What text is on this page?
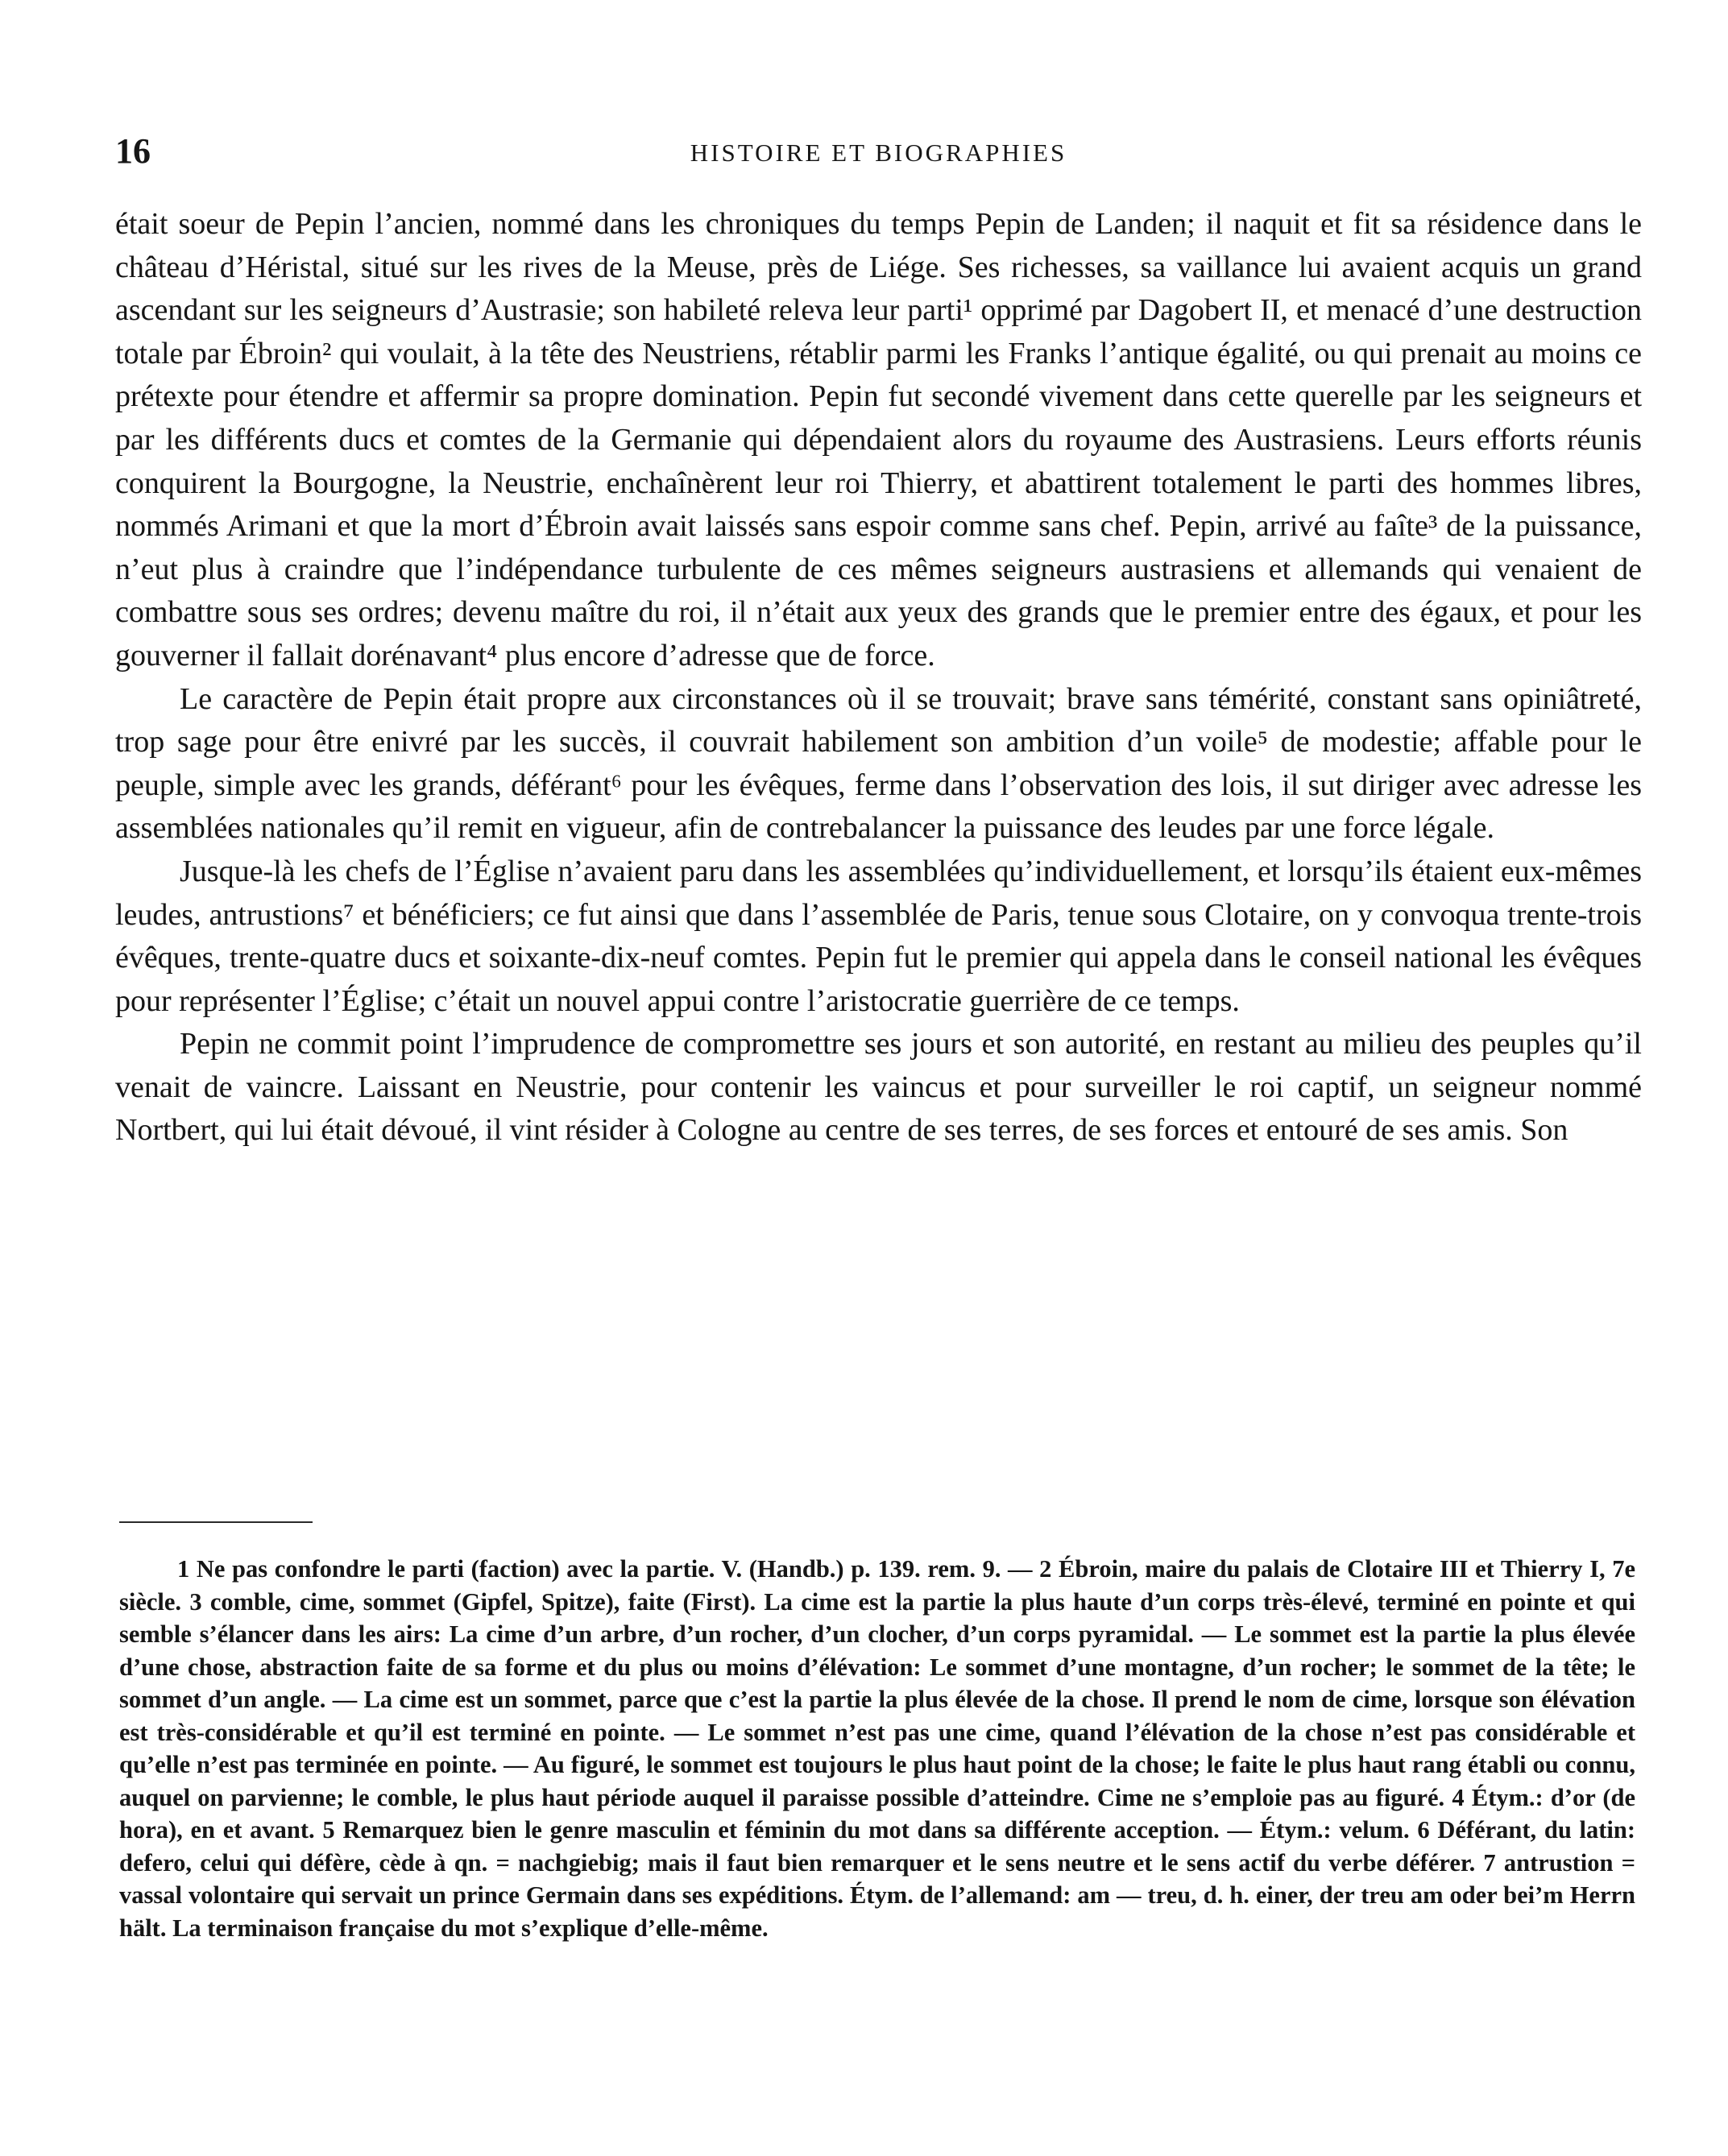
16	HISTOIRE ET BIOGRAPHIES

était soeur de Pepin l’ancien, nommé dans les chroniques du temps Pepin de Landen; il naquit et fit sa résidence dans le château d’Héristal, situé sur les rives de la Meuse, près de Liége. Ses richesses, sa vaillance lui avaient acquis un grand ascendant sur les seigneurs d’Austrasie; son habileté releva leur parti¹ opprimé par Dagobert II, et menacé d’une destruction totale par Ébroin² qui voulait, à la tête des Neustriens, rétablir parmi les Franks l’antique égalité, ou qui prenait au moins ce prétexte pour étendre et affermir sa propre domination. Pepin fut secondé vivement dans cette querelle par les seigneurs et par les différents ducs et comtes de la Germanie qui dépendaient alors du royaume des Austrasiens. Leurs efforts réunis conquirent la Bourgogne, la Neustrie, enchaînèrent leur roi Thierry, et abattirent totalement le parti des hommes libres, nommés Arimani et que la mort d’Ébroin avait laissés sans espoir comme sans chef. Pepin, arrivé au faîte³ de la puissance, n’eut plus à craindre que l’indépendance turbulente de ces mêmes seigneurs austrasiens et allemands qui venaient de combattre sous ses ordres; devenu maître du roi, il n’était aux yeux des grands que le premier entre des égaux, et pour les gouverner il fallait dorénavant⁴ plus encore d’adresse que de force.

Le caractère de Pepin était propre aux circonstances où il se trouvait; brave sans témérité, constant sans opiniâtreté, trop sage pour être enivré par les succès, il couvrait habilement son ambition d’un voile⁵ de modestie; affable pour le peuple, simple avec les grands, déférant⁶ pour les évêques, ferme dans l’observation des lois, il sut diriger avec adresse les assemblées nationales qu’il remit en vigueur, afin de contrebalancer la puissance des leudes par une force légale.

Jusque-là les chefs de l’Église n’avaient paru dans les assemblées qu’individuellement, et lorsqu’ils étaient eux-mêmes leudes, antrustions⁷ et bénéficiers; ce fut ainsi que dans l’assemblée de Paris, tenue sous Clotaire, on y convoqua trente-trois évêques, trente-quatre ducs et soixante-dix-neuf comtes. Pepin fut le premier qui appela dans le conseil national les évêques pour représenter l’Église; c’était un nouvel appui contre l’aristocratie guerrière de ce temps.

Pepin ne commit point l’imprudence de compromettre ses jours et son autorité, en restant au milieu des peuples qu’il venait de vaincre. Laissant en Neustrie, pour contenir les vaincus et pour surveiller le roi captif, un seigneur nommé Nortbert, qui lui était dévoué, il vint résider à Cologne au centre de ses terres, de ses forces et entouré de ses amis. Son

1 Ne pas confondre le parti (faction) avec la partie. V. (Handb.) p. 139. rem. 9. — 2 Ébroin, maire du palais de Clotaire III et Thierry I, 7e siècle. 3 comble, cime, sommet (Gipfel, Spitze), faite (First). La cime est la partie la plus haute d’un corps très-élevé, terminé en pointe et qui semble s’élancer dans les airs: La cime d’un arbre, d’un rocher, d’un clocher, d’un corps pyramidal. — Le sommet est la partie la plus élevée d’une chose, abstraction faite de sa forme et du plus ou moins d’élévation: Le sommet d’une montagne, d’un rocher; le sommet de la tête; le sommet d’un angle. — La cime est un sommet, parce que c’est la partie la plus élevée de la chose. Il prend le nom de cime, lorsque son élévation est très-considérable et qu’il est terminé en pointe. — Le sommet n’est pas une cime, quand l’élévation de la chose n’est pas considérable et qu’elle n’est pas terminée en pointe. — Au figuré, le sommet est toujours le plus haut point de la chose; le faite le plus haut rang établi ou connu, auquel on parvienne; le comble, le plus haut période auquel il paraisse possible d’atteindre. Cime ne s’emploie pas au figuré. 4 Étym.: d’or (de hora), en et avant. 5 Remarquez bien le genre masculin et féminin du mot dans sa différente acception. — Étym.: velum. 6 Déférant, du latin: defero, celui qui défère, cède à qn. = nachgiebig; mais il faut bien remarquer et le sens neutre et le sens actif du verbe déférer. 7 antrustion = vassal volontaire qui servait un prince Germain dans ses expéditions. Étym. de l’allemand: am — treu, d. h. einer, der treu am oder bei’m Herrn hält. La terminaison française du mot s’explique d’elle-même.
